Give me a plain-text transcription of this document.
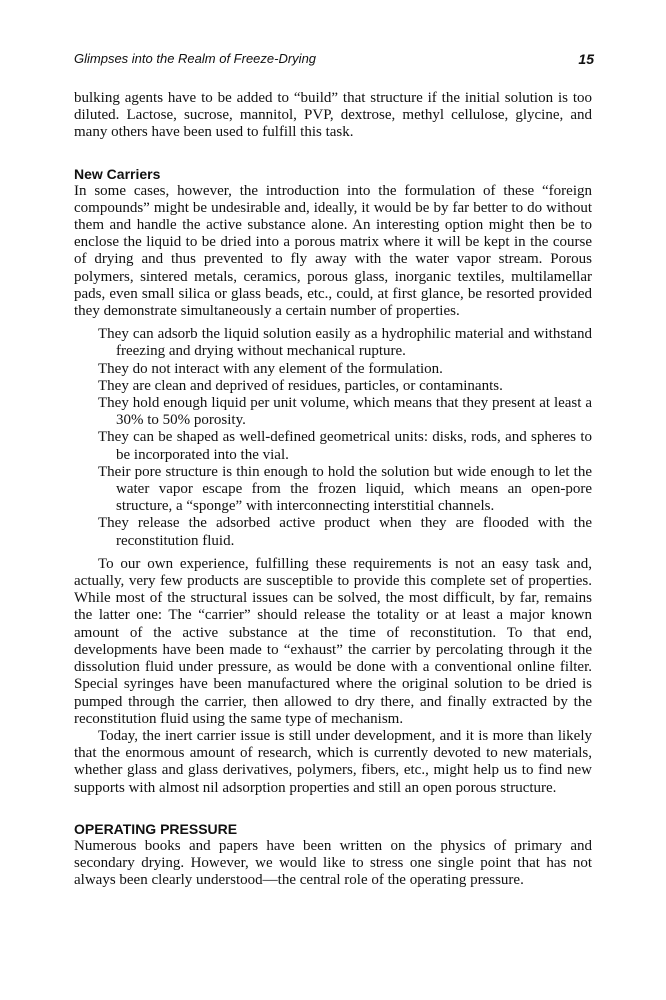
Glimpses into the Realm of Freeze-Drying	15

bulking agents have to be added to “build” that structure if the initial solution is too diluted. Lactose, sucrose, mannitol, PVP, dextrose, methyl cellulose, glycine, and many others have been used to fulfill this task.

New Carriers

In some cases, however, the introduction into the formulation of these “foreign compounds” might be undesirable and, ideally, it would be by far better to do without them and handle the active substance alone. An interesting option might then be to enclose the liquid to be dried into a porous matrix where it will be kept in the course of drying and thus prevented to fly away with the water vapor stream. Porous polymers, sintered metals, ceramics, porous glass, inorganic textiles, multilamellar pads, even small silica or glass beads, etc., could, at first glance, be resorted provided they demonstrate simultaneously a certain number of properties.

They can adsorb the liquid solution easily as a hydrophilic material and withstand freezing and drying without mechanical rupture.
They do not interact with any element of the formulation.
They are clean and deprived of residues, particles, or contaminants.
They hold enough liquid per unit volume, which means that they present at least a 30% to 50% porosity.
They can be shaped as well-defined geometrical units: disks, rods, and spheres to be incorporated into the vial.
Their pore structure is thin enough to hold the solution but wide enough to let the water vapor escape from the frozen liquid, which means an open-pore structure, a “sponge” with interconnecting interstitial channels.
They release the adsorbed active product when they are flooded with the reconstitution fluid.

To our own experience, fulfilling these requirements is not an easy task and, actually, very few products are susceptible to provide this complete set of properties. While most of the structural issues can be solved, the most difficult, by far, remains the latter one: The “carrier” should release the totality or at least a major known amount of the active substance at the time of reconstitution. To that end, developments have been made to “exhaust” the carrier by percolating through it the dissolution fluid under pressure, as would be done with a conventional online filter. Special syringes have been manufactured where the original solution to be dried is pumped through the carrier, then allowed to dry there, and finally extracted by the reconstitution fluid using the same type of mechanism.

Today, the inert carrier issue is still under development, and it is more than likely that the enormous amount of research, which is currently devoted to new materials, whether glass and glass derivatives, polymers, fibers, etc., might help us to find new supports with almost nil adsorption properties and still an open porous structure.

OPERATING PRESSURE

Numerous books and papers have been written on the physics of primary and secondary drying. However, we would like to stress one single point that has not always been clearly understood—the central role of the operating pressure.
